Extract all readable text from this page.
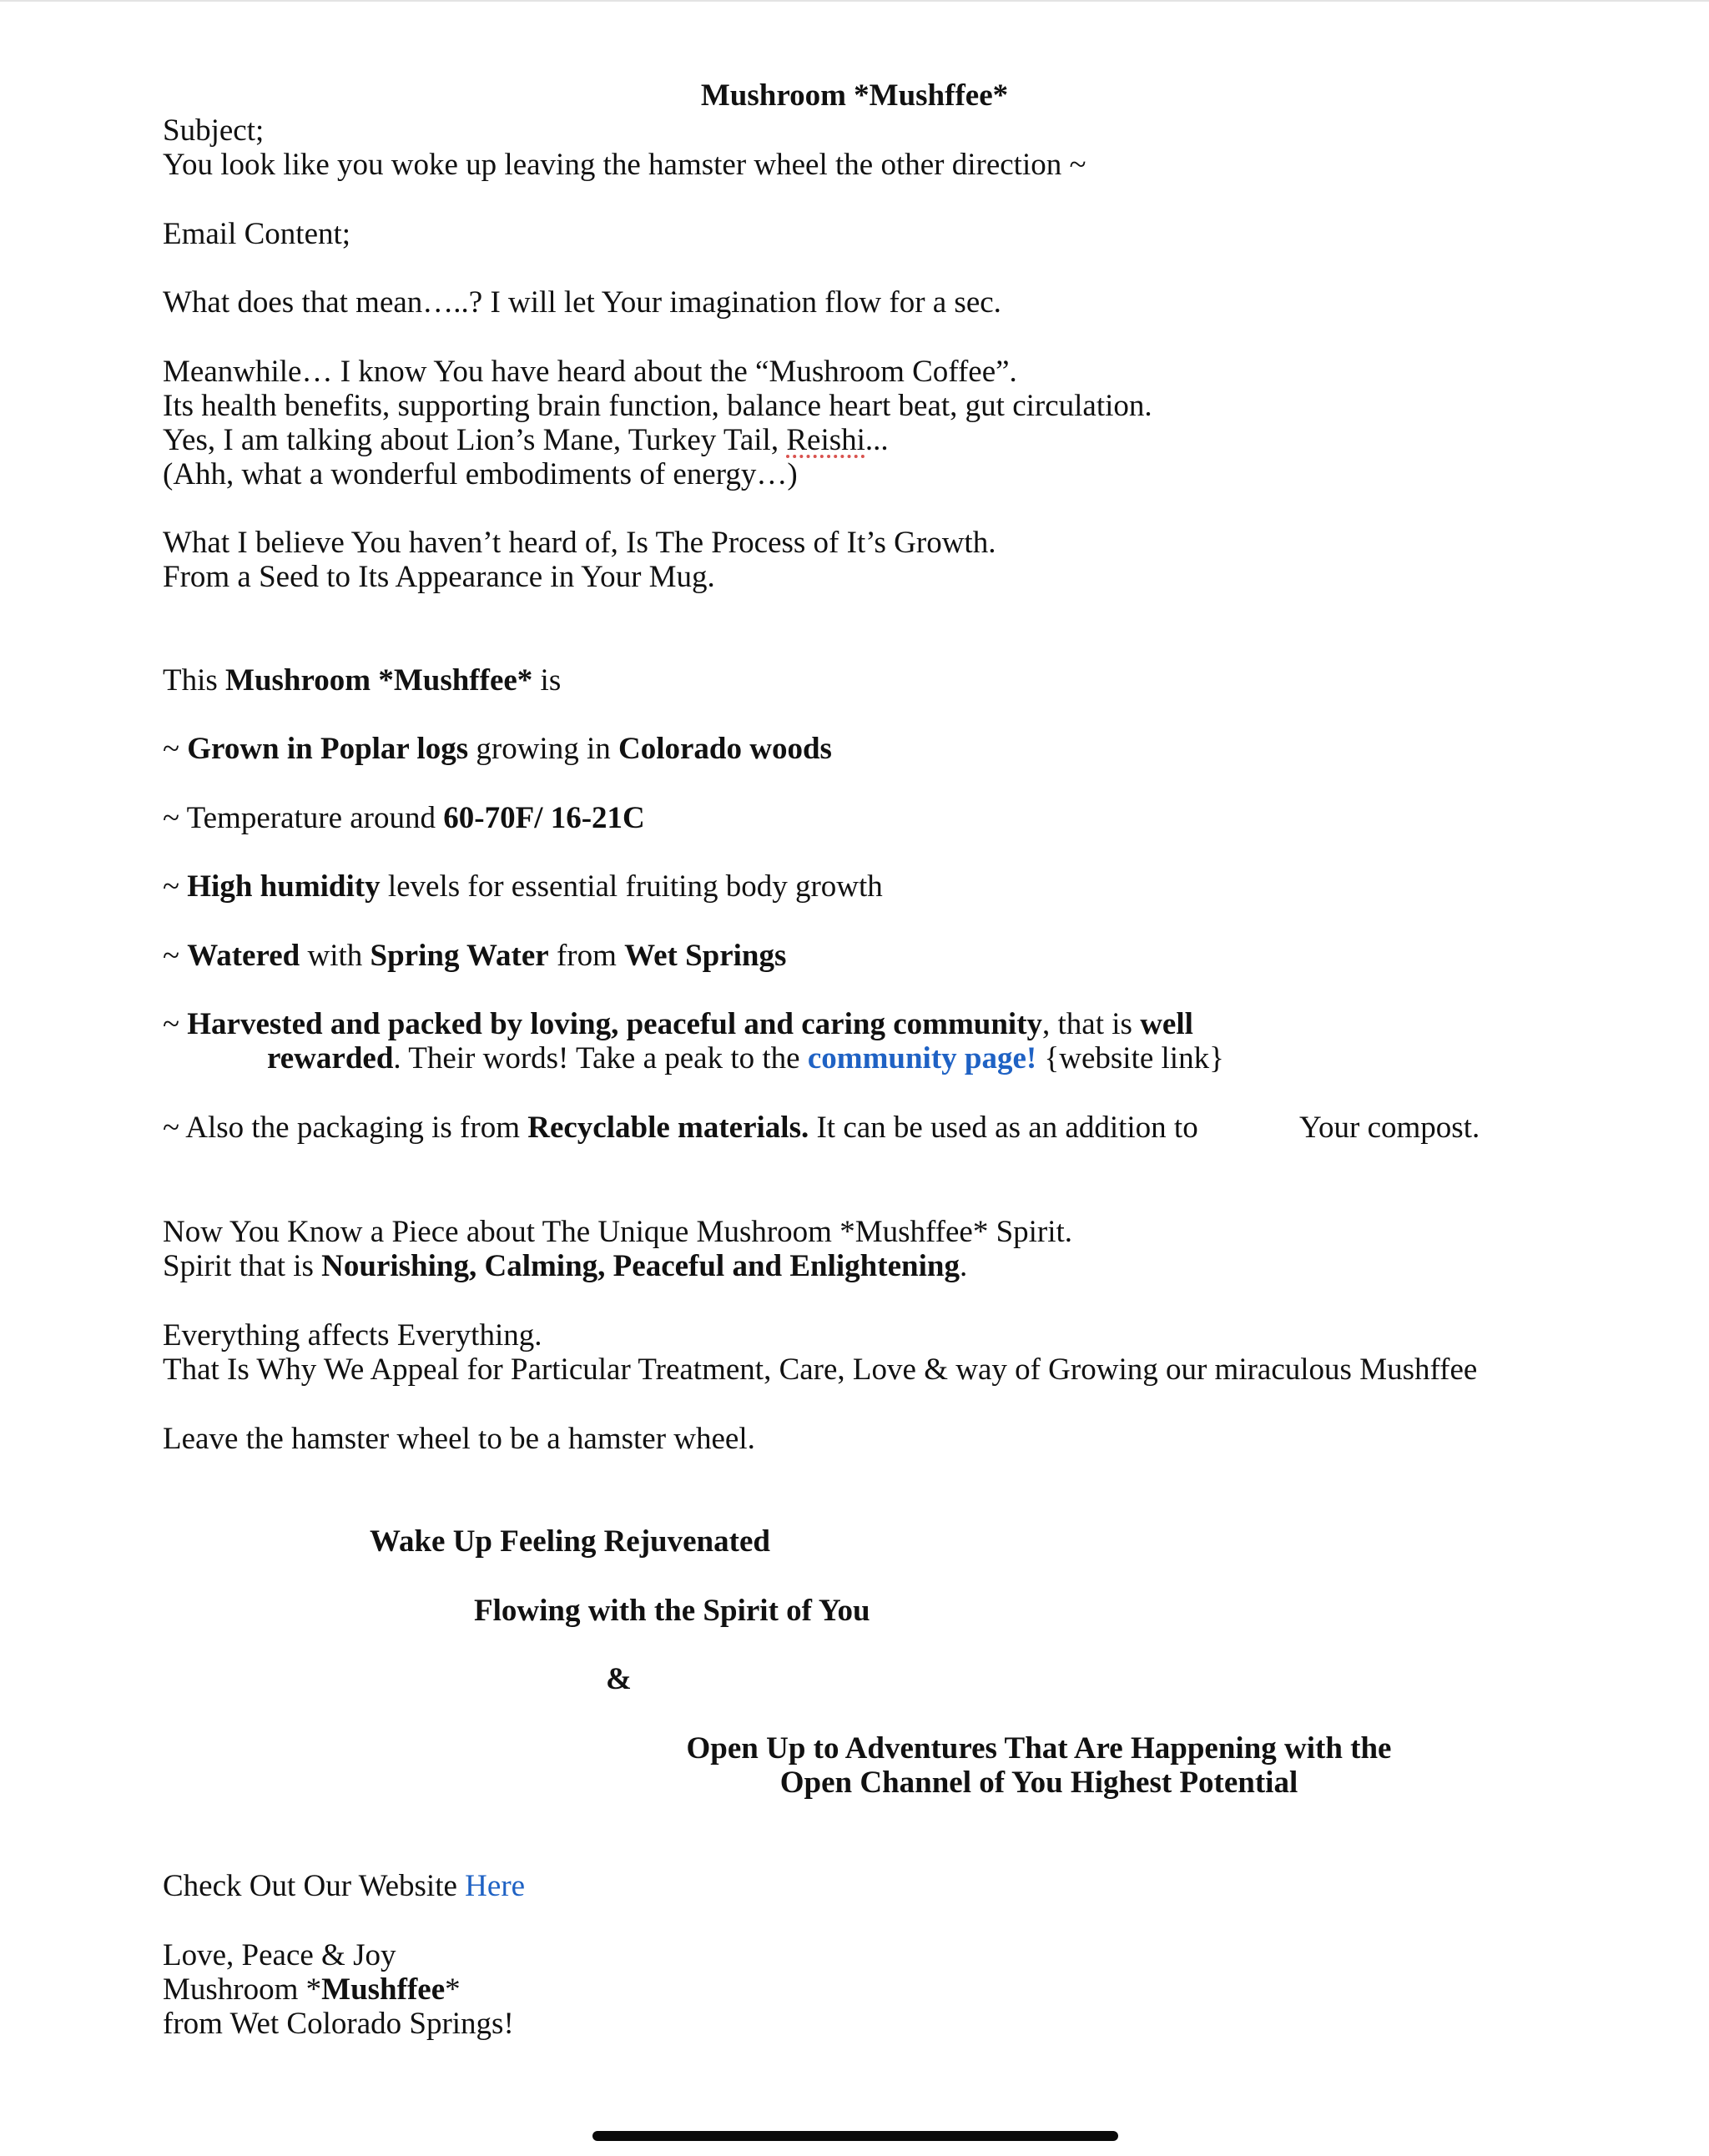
Mushroom *Mushffee*
Subject;
You look like you woke up leaving the hamster wheel the other direction ~
Email Content;
What does that mean…..? I will let Your imagination flow for a sec.
Meanwhile… I know You have heard about the “Mushroom Coffee”.
Its health benefits, supporting brain function, balance heart beat, gut circulation.
Yes, I am talking about Lion’s Mane, Turkey Tail, Reishi...
(Ahh, what a wonderful embodiments of energy…)
What I believe You haven’t heard of, Is The Process of It’s Growth.
From a Seed to Its Appearance in Your Mug.
This Mushroom *Mushffee* is
~ Grown in Poplar logs growing in Colorado woods
~ Temperature around 60-70F/ 16-21C
~ High humidity levels for essential fruiting body growth
~ Watered with Spring Water from Wet Springs
~ Harvested and packed by loving, peaceful and caring community, that is well
rewarded. Their words! Take a peak to the community page! {website link}
~ Also the packaging is from Recyclable materials. It can be used as an addition to	Your compost.
Now You Know a Piece about The Unique Mushroom *Mushffee* Spirit.
Spirit that is Nourishing, Calming, Peaceful and Enlightening.
Everything affects Everything.
That Is Why We Appeal for Particular Treatment, Care, Love & way of Growing our miraculous Mushffee
Leave the hamster wheel to be a hamster wheel.
Wake Up Feeling Rejuvenated
Flowing with the Spirit of You
&
Open Up to Adventures That Are Happening with the
Open Channel of You Highest Potential
Check Out Our Website Here
Love, Peace & Joy
Mushroom *Mushffee*
from Wet Colorado Springs!
